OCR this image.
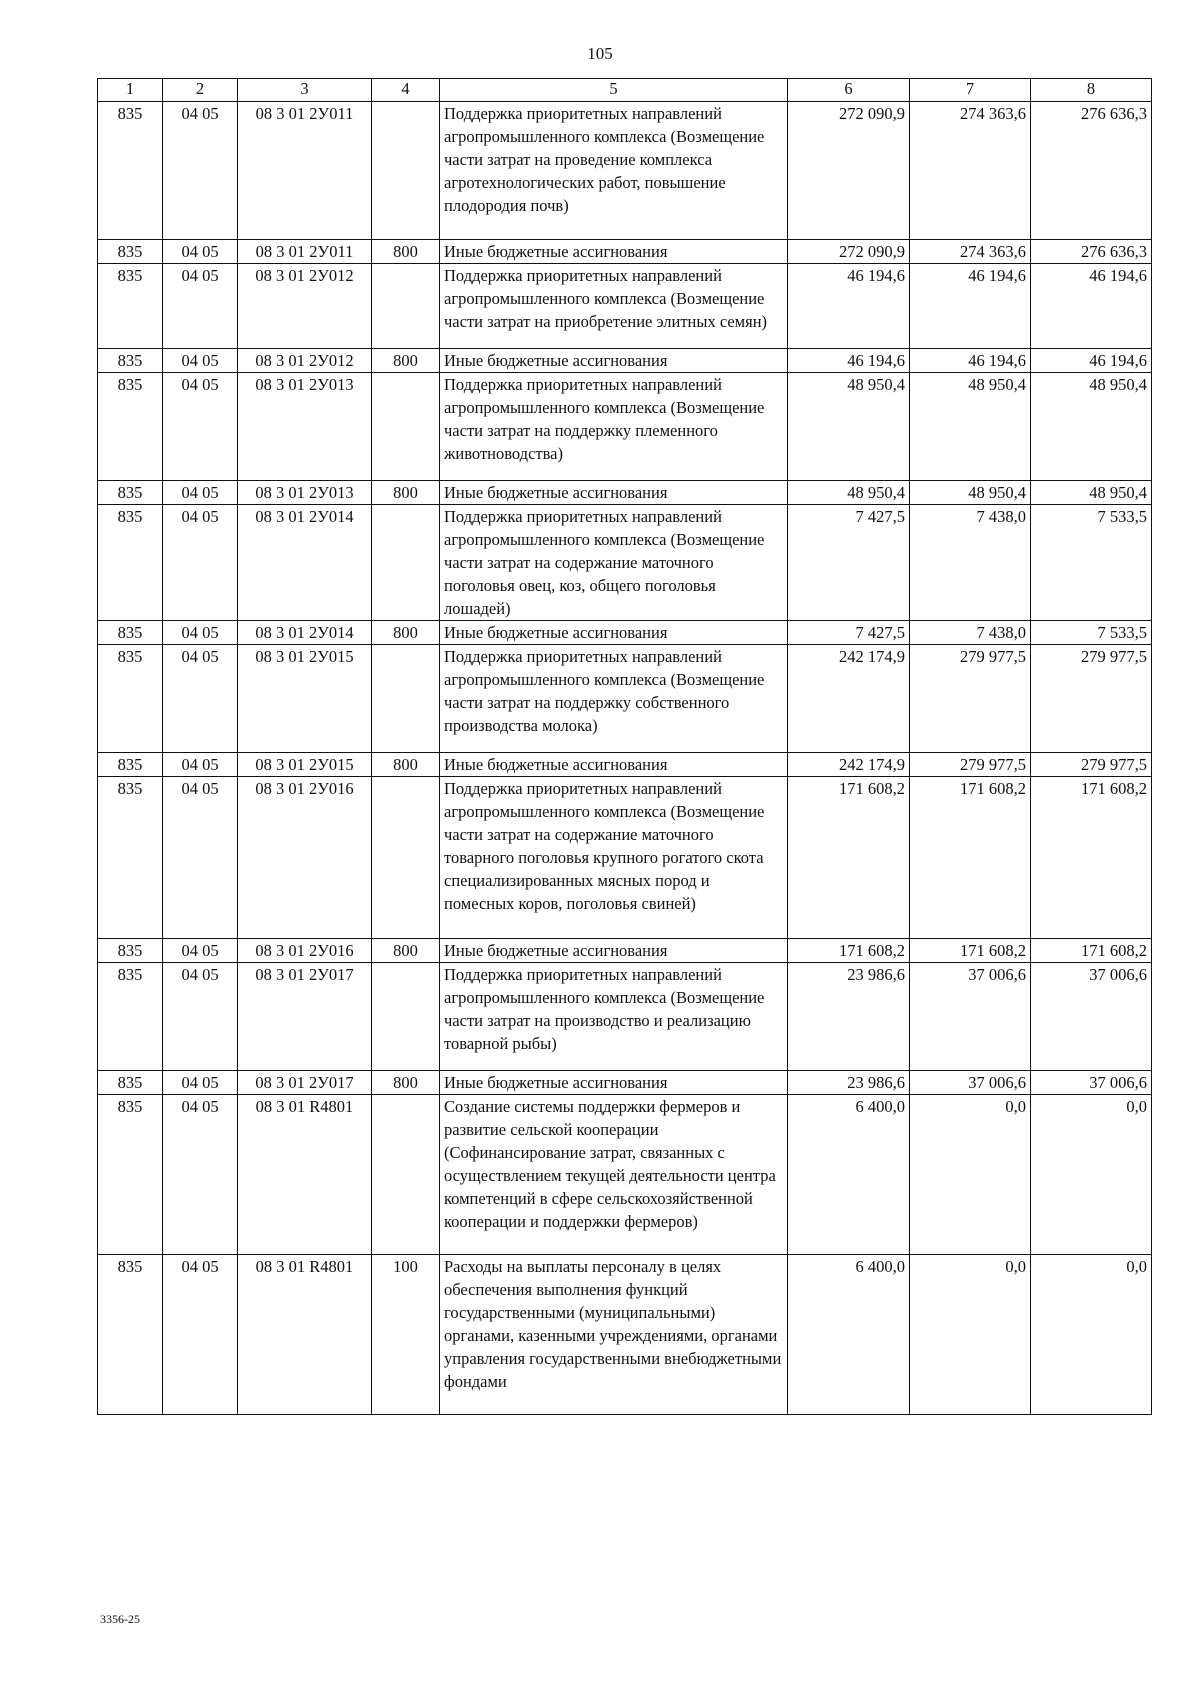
105
1	2	3	4	5	6	7	8
835	04 05	08 3 01 2У011		Поддержка приоритетных направлений агропромышленного комплекса (Возмещение части затрат на проведение комплекса агротехнологических работ, повышение плодородия почв)	272 090,9	274 363,6	276 636,3
835	04 05	08 3 01 2У011	800	Иные бюджетные ассигнования	272 090,9	274 363,6	276 636,3
835	04 05	08 3 01 2У012		Поддержка приоритетных направлений агропромышленного комплекса (Возмещение части затрат на приобретение элитных семян)	46 194,6	46 194,6	46 194,6
835	04 05	08 3 01 2У012	800	Иные бюджетные ассигнования	46 194,6	46 194,6	46 194,6
835	04 05	08 3 01 2У013		Поддержка приоритетных направлений агропромышленного комплекса (Возмещение части затрат на поддержку племенного животноводства)	48 950,4	48 950,4	48 950,4
835	04 05	08 3 01 2У013	800	Иные бюджетные ассигнования	48 950,4	48 950,4	48 950,4
835	04 05	08 3 01 2У014		Поддержка приоритетных направлений агропромышленного комплекса (Возмещение части затрат на содержание маточного поголовья овец, коз, общего поголовья лошадей)	7 427,5	7 438,0	7 533,5
835	04 05	08 3 01 2У014	800	Иные бюджетные ассигнования	7 427,5	7 438,0	7 533,5
835	04 05	08 3 01 2У015		Поддержка приоритетных направлений агропромышленного комплекса (Возмещение части затрат на поддержку собственного производства молока)	242 174,9	279 977,5	279 977,5
835	04 05	08 3 01 2У015	800	Иные бюджетные ассигнования	242 174,9	279 977,5	279 977,5
835	04 05	08 3 01 2У016		Поддержка приоритетных направлений агропромышленного комплекса (Возмещение части затрат на содержание маточного товарного поголовья крупного рогатого скота специализированных мясных пород и помесных коров, поголовья свиней)	171 608,2	171 608,2	171 608,2
835	04 05	08 3 01 2У016	800	Иные бюджетные ассигнования	171 608,2	171 608,2	171 608,2
835	04 05	08 3 01 2У017		Поддержка приоритетных направлений агропромышленного комплекса (Возмещение части затрат на производство и реализацию товарной рыбы)	23 986,6	37 006,6	37 006,6
835	04 05	08 3 01 2У017	800	Иные бюджетные ассигнования	23 986,6	37 006,6	37 006,6
835	04 05	08 3 01 R4801		Создание системы поддержки фермеров и развитие сельской кооперации (Софинансирование затрат, связанных с осуществлением текущей деятельности центра компетенций в сфере сельскохозяйственной кооперации и поддержки фермеров)	6 400,0	0,0	0,0
835	04 05	08 3 01 R4801	100	Расходы на выплаты персоналу в целях обеспечения выполнения функций государственными (муниципальными) органами, казенными учреждениями, органами управления государственными внебюджетными фондами	6 400,0	0,0	0,0
3356-25
